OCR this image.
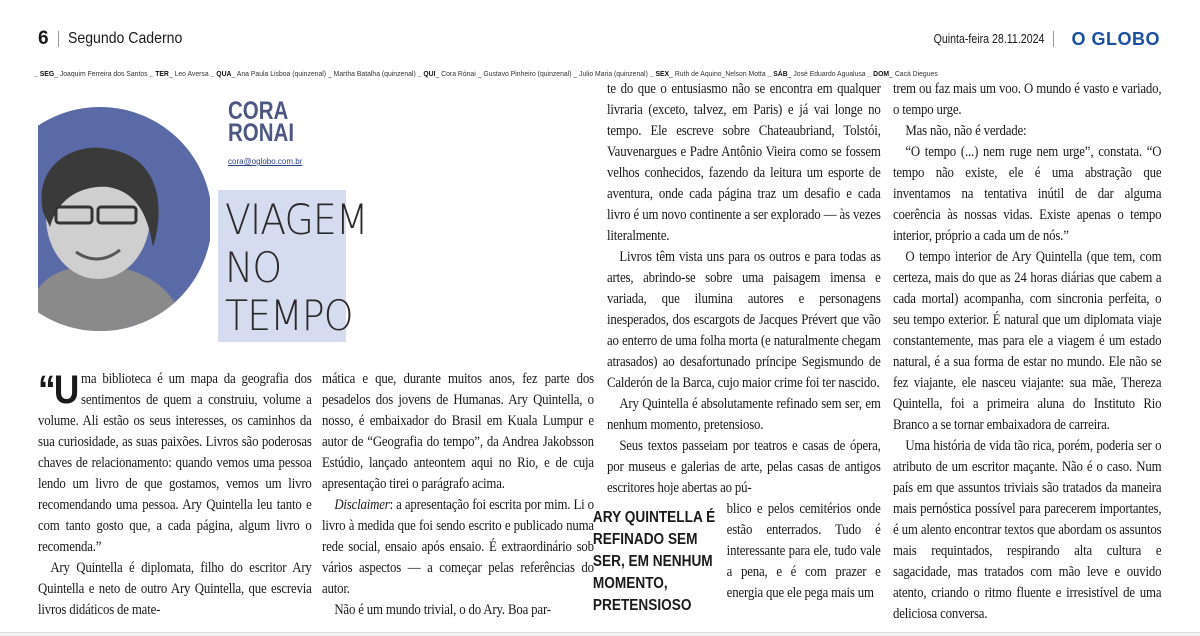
6 Segundo Caderno	Quinta-feira 28.11.2024 O GLOBO
_ SEG_ Joaquim Ferreira dos Santos _ TER_ Leo Aversa _ QUA_ Ana Paula Lisboa (quinzenal) _ Martha Batalha (quinzenal) _ QUI_ Cora Rónai _ Gustavo Pinheiro (quinzenal) _ Julio Maria (quinzenal) _ SEX_ Ruth de Aquino_Nelson Motta _ SÁB_ José Eduardo Agualusa _ DOM_ Cacá Diegues
CORA
RONAI
cora@oglobo.com.br
VIAGEM
NO
TEMPO

“Uma biblioteca é um mapa da geografia dos sentimentos de quem a construiu, volume a volume. Ali estão os seus interesses, os caminhos da sua curiosidade, as suas paixões. Livros são poderosas chaves de relacionamento: quando vemos uma pessoa lendo um livro de que gostamos, vemos um livro recomendando uma pessoa. Ary Quintella leu tanto e com tanto gosto que, a cada página, algum livro o recomenda.”

Ary Quintella é diplomata, filho do escritor Ary Quintella e neto de outro Ary Quintella, que escrevia livros didáticos de mate-

mática e que, durante muitos anos, fez parte dos pesadelos dos jovens de Humanas. Ary Quintella, o nosso, é embaixador do Brasil em Kuala Lumpur e autor de “Geografia do tempo”, da Andrea Jakobsson Estúdio, lançado anteontem aqui no Rio, e de cuja apresentação tirei o parágrafo acima.

Disclaimer: a apresentação foi escrita por mim. Li o livro à medida que foi sendo escrito e publicado numa rede social, ensaio após ensaio. É extraordinário sob vários aspectos — a começar pelas referências do autor.

Não é um mundo trivial, o do Ary. Boa par-

te do que o entusiasmo não se encontra em qualquer livraria (exceto, talvez, em Paris) e já vai longe no tempo. Ele escreve sobre Chateaubriand, Tolstói, Vauvenargues e Padre Antônio Vieira como se fossem velhos conhecidos, fazendo da leitura um esporte de aventura, onde cada página traz um desafio e cada livro é um novo continente a ser explorado — às vezes literalmente.

Livros têm vista uns para os outros e para todas as artes, abrindo-se sobre uma paisagem imensa e variada, que ilumina autores e personagens inesperados, dos escargots de Jacques Prévert que vão ao enterro de uma folha morta (e naturalmente chegam atrasados) ao desafortunado príncipe Segismundo de Calderón de la Barca, cujo maior crime foi ter nascido.

Ary Quintella é absolutamente refinado sem ser, em nenhum momento, pretensioso.

Seus textos passeiam por teatros e casas de ópera, por museus e galerias de arte, pelas casas de antigos escritores hoje abertas ao pú-

ARY QUINTELLA É REFINADO SEM SER, EM NENHUM MOMENTO, PRETENSIOSO
blico e pelos cemitérios onde estão enterrados. Tudo é interessante para ele, tudo vale a pena, e é com prazer e energia que ele pega mais um

trem ou faz mais um voo. O mundo é vasto e variado, o tempo urge.

Mas não, não é verdade:

“O tempo (...) nem ruge nem urge”, constata. “O tempo não existe, ele é uma abstração que inventamos na tentativa inútil de dar alguma coerência às nossas vidas. Existe apenas o tempo interior, próprio a cada um de nós.”

O tempo interior de Ary Quintella (que tem, com certeza, mais do que as 24 horas diárias que cabem a cada mortal) acompanha, com sincronia perfeita, o seu tempo exterior. É natural que um diplomata viaje constantemente, mas para ele a viagem é um estado natural, é a sua forma de estar no mundo. Ele não se fez viajante, ele nasceu viajante: sua mãe, Thereza Quintella, foi a primeira aluna do Instituto Rio Branco a se tornar embaixadora de carreira.

Uma história de vida tão rica, porém, poderia ser o atributo de um escritor maçante. Não é o caso. Num país em que assuntos triviais são tratados da maneira mais pernóstica possível para parecerem importantes, é um alento encontrar textos que abordam os assuntos mais requintados, respirando alta cultura e sagacidade, mas tratados com mão leve e ouvido atento, criando o ritmo fluente e irresistível de uma deliciosa conversa.
